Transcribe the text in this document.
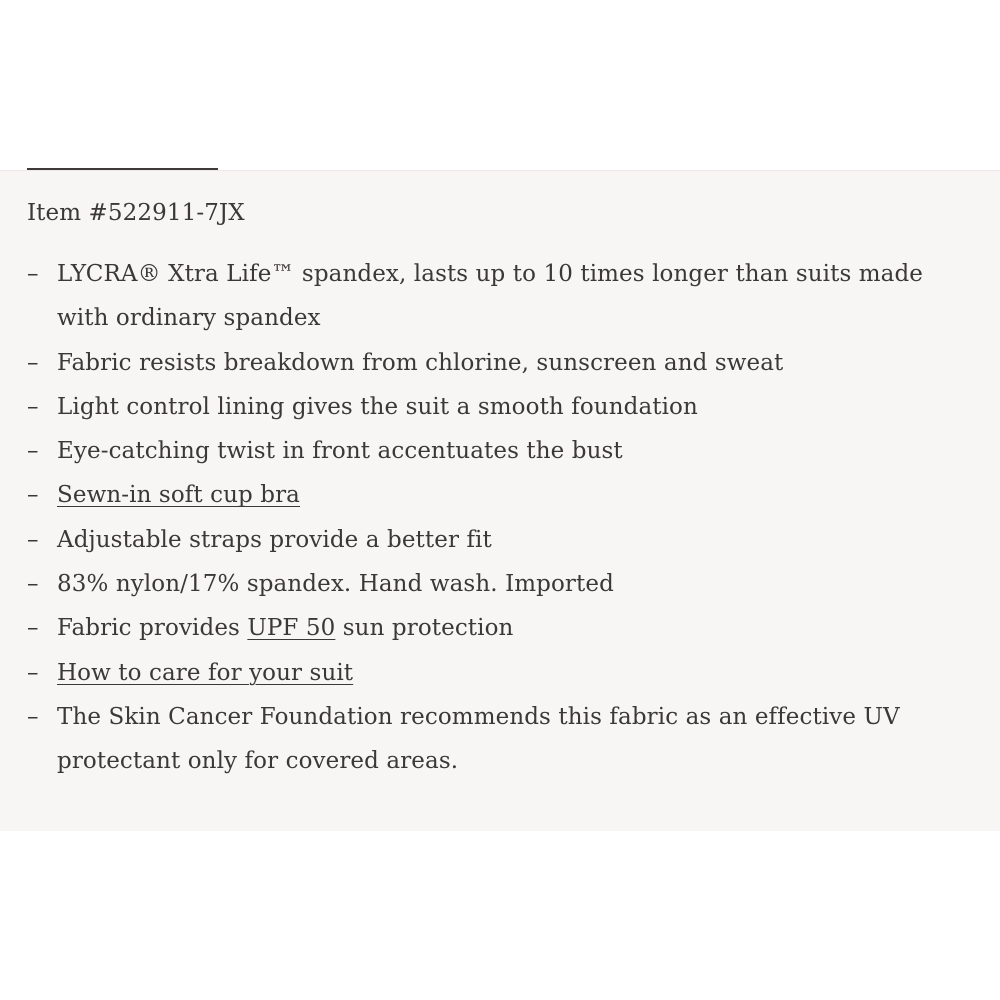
Item #522911-7JX

– LYCRA® Xtra Life™ spandex, lasts up to 10 times longer than suits made with ordinary spandex
– Fabric resists breakdown from chlorine, sunscreen and sweat
– Light control lining gives the suit a smooth foundation
– Eye-catching twist in front accentuates the bust
– Sewn-in soft cup bra
– Adjustable straps provide a better fit
– 83% nylon/17% spandex. Hand wash. Imported
– Fabric provides UPF 50 sun protection
– How to care for your suit
– The Skin Cancer Foundation recommends this fabric as an effective UV protectant only for covered areas.
